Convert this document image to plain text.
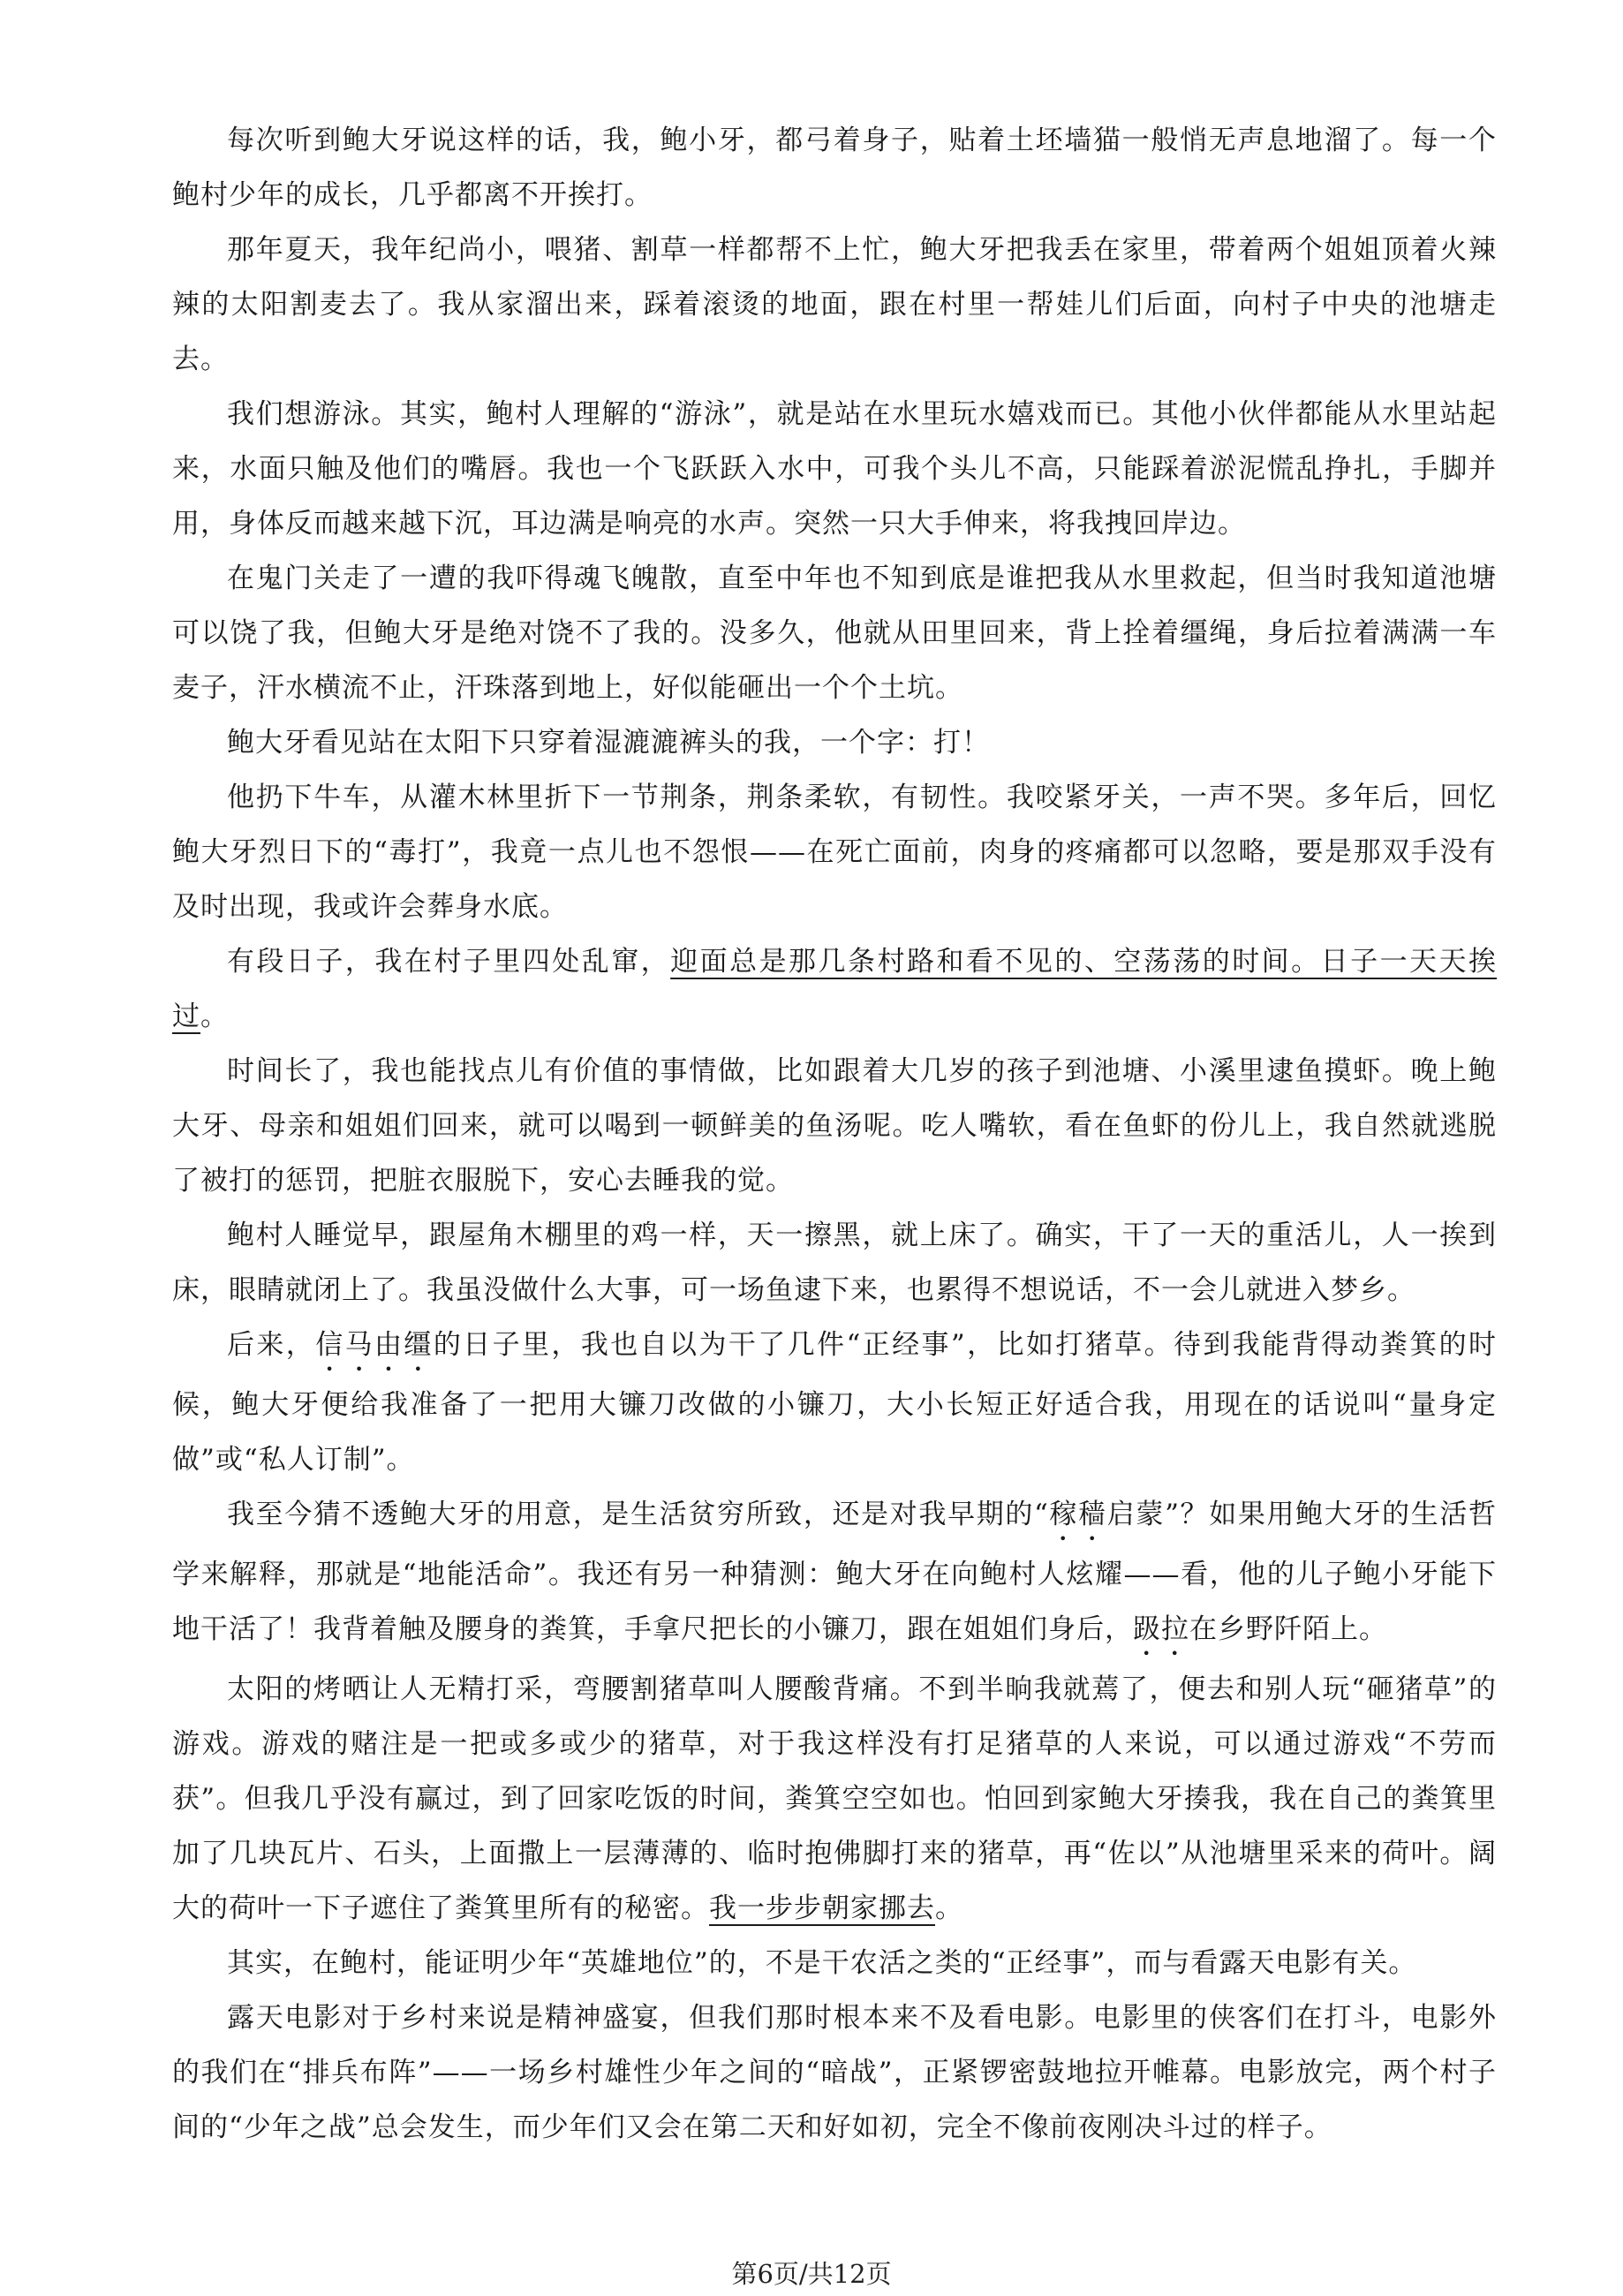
每次听到鲍大牙说这样的话，我，鲍小牙，都弓着身子，贴着土坯墙猫一般悄无声息地溜了。每一个鲍村少年的成长，几乎都离不开挨打。

那年夏天，我年纪尚小，喂猪、割草一样都帮不上忙，鲍大牙把我丢在家里，带着两个姐姐顶着火辣辣的太阳割麦去了。我从家溜出来，踩着滚烫的地面，跟在村里一帮娃儿们后面，向村子中央的池塘走去。

我们想游泳。其实，鲍村人理解的“游泳”，就是站在水里玩水嬉戏而已。其他小伙伴都能从水里站起来，水面只触及他们的嘴唇。我也一个飞跃跃入水中，可我个头儿不高，只能踩着淤泥慌乱挣扎，手脚并用，身体反而越来越下沉，耳边满是响亮的水声。突然一只大手伸来，将我拽回岸边。

在鬼门关走了一遭的我吓得魂飞魄散，直至中年也不知到底是谁把我从水里救起，但当时我知道池塘可以饶了我，但鲍大牙是绝对饶不了我的。没多久，他就从田里回来，背上拴着缰绳，身后拉着满满一车麦子，汗水横流不止，汗珠落到地上，好似能砸出一个个土坑。

鲍大牙看见站在太阳下只穿着湿漉漉裤头的我，一个字：打！

他扔下牛车，从灌木林里折下一节荆条，荆条柔软，有韧性。我咬紧牙关，一声不哭。多年后，回忆鲍大牙烈日下的“毒打”，我竟一点儿也不怨恨——在死亡面前，肉身的疼痛都可以忽略，要是那双手没有及时出现，我或许会葬身水底。

有段日子，我在村子里四处乱窜，迎面总是那几条村路和看不见的、空荡荡的时间。日子一天天挨过。

时间长了，我也能找点儿有价值的事情做，比如跟着大几岁的孩子到池塘、小溪里逮鱼摸虾。晚上鲍大牙、母亲和姐姐们回来，就可以喝到一顿鲜美的鱼汤呢。吃人嘴软，看在鱼虾的份儿上，我自然就逃脱了被打的惩罚，把脏衣服脱下，安心去睡我的觉。

鲍村人睡觉早，跟屋角木棚里的鸡一样，天一擦黑，就上床了。确实，干了一天的重活儿，人一挨到床，眼睛就闭上了。我虽没做什么大事，可一场鱼逮下来，也累得不想说话，不一会儿就进入梦乡。

后来，信马由缰的日子里，我也自以为干了几件“正经事”，比如打猪草。待到我能背得动粪箕的时候，鲍大牙便给我准备了一把用大镰刀改做的小镰刀，大小长短正好适合我，用现在的话说叫“量身定做”或“私人订制”。

我至今猜不透鲍大牙的用意，是生活贫穷所致，还是对我早期的“稼穑启蒙”？如果用鲍大牙的生活哲学来解释，那就是“地能活命”。我还有另一种猜测：鲍大牙在向鲍村人炫耀——看，他的儿子鲍小牙能下地干活了！我背着触及腰身的粪箕，手拿尺把长的小镰刀，跟在姐姐们身后，趿拉在乡野阡陌上。

太阳的烤晒让人无精打采，弯腰割猪草叫人腰酸背痛。不到半晌我就蔫了，便去和别人玩“砸猪草”的游戏。游戏的赌注是一把或多或少的猪草，对于我这样没有打足猪草的人来说，可以通过游戏“不劳而获”。但我几乎没有赢过，到了回家吃饭的时间，粪箕空空如也。怕回到家鲍大牙揍我，我在自己的粪箕里加了几块瓦片、石头，上面撒上一层薄薄的、临时抱佛脚打来的猪草，再“佐以”从池塘里采来的荷叶。阔大的荷叶一下子遮住了粪箕里所有的秘密。我一步步朝家挪去。

其实，在鲍村，能证明少年“英雄地位”的，不是干农活之类的“正经事”，而与看露天电影有关。

露天电影对于乡村来说是精神盛宴，但我们那时根本来不及看电影。电影里的侠客们在打斗，电影外的我们在“排兵布阵”——一场乡村雄性少年之间的“暗战”，正紧锣密鼓地拉开帷幕。电影放完，两个村子间的“少年之战”总会发生，而少年们又会在第二天和好如初，完全不像前夜刚决斗过的样子。

第6页/共12页
